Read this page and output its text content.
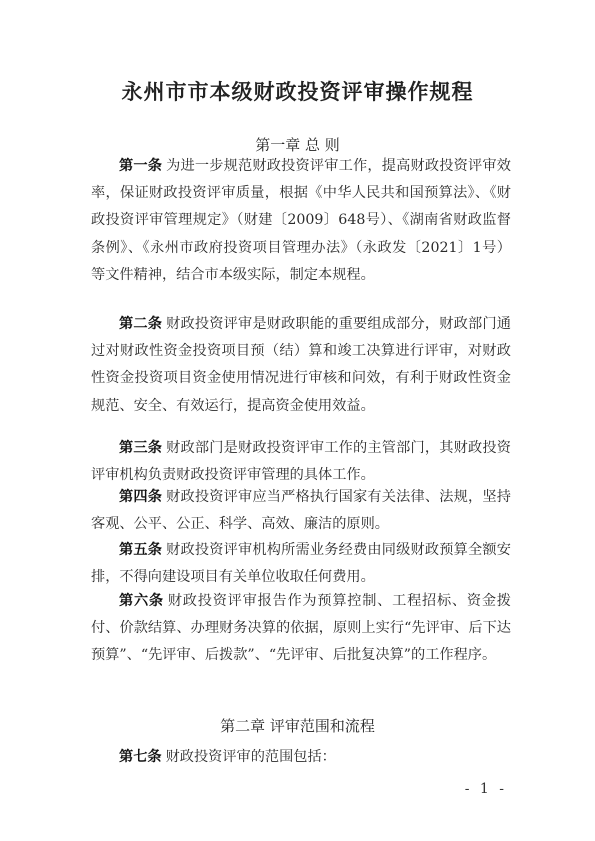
永州市市本级财政投资评审操作规程
第一章 总 则

第一条 为进一步规范财政投资评审工作，提高财政投资评审效率，保证财政投资评审质量，根据《中华人民共和国预算法》、《财政投资评审管理规定》（财建〔2009〕648号）、《湖南省财政监督条例》、《永州市政府投资项目管理办法》（永政发〔2021〕1号）等文件精神，结合市本级实际，制定本规程。

第二条 财政投资评审是财政职能的重要组成部分，财政部门通过对财政性资金投资项目预（结）算和竣工决算进行评审，对财政性资金投资项目资金使用情况进行审核和问效，有利于财政性资金规范、安全、有效运行，提高资金使用效益。

第三条 财政部门是财政投资评审工作的主管部门，其财政投资评审机构负责财政投资评审管理的具体工作。

第四条 财政投资评审应当严格执行国家有关法律、法规，坚持客观、公平、公正、科学、高效、廉洁的原则。

第五条 财政投资评审机构所需业务经费由同级财政预算全额安排，不得向建设项目有关单位收取任何费用。

第六条 财政投资评审报告作为预算控制、工程招标、资金拨付、价款结算、办理财务决算的依据，原则上实行“先评审、后下达预算”、“先评审、后拨款”、“先评审、后批复决算”的工作程序。

第二章 评审范围和流程

第七条 财政投资评审的范围包括：

- 1 -
